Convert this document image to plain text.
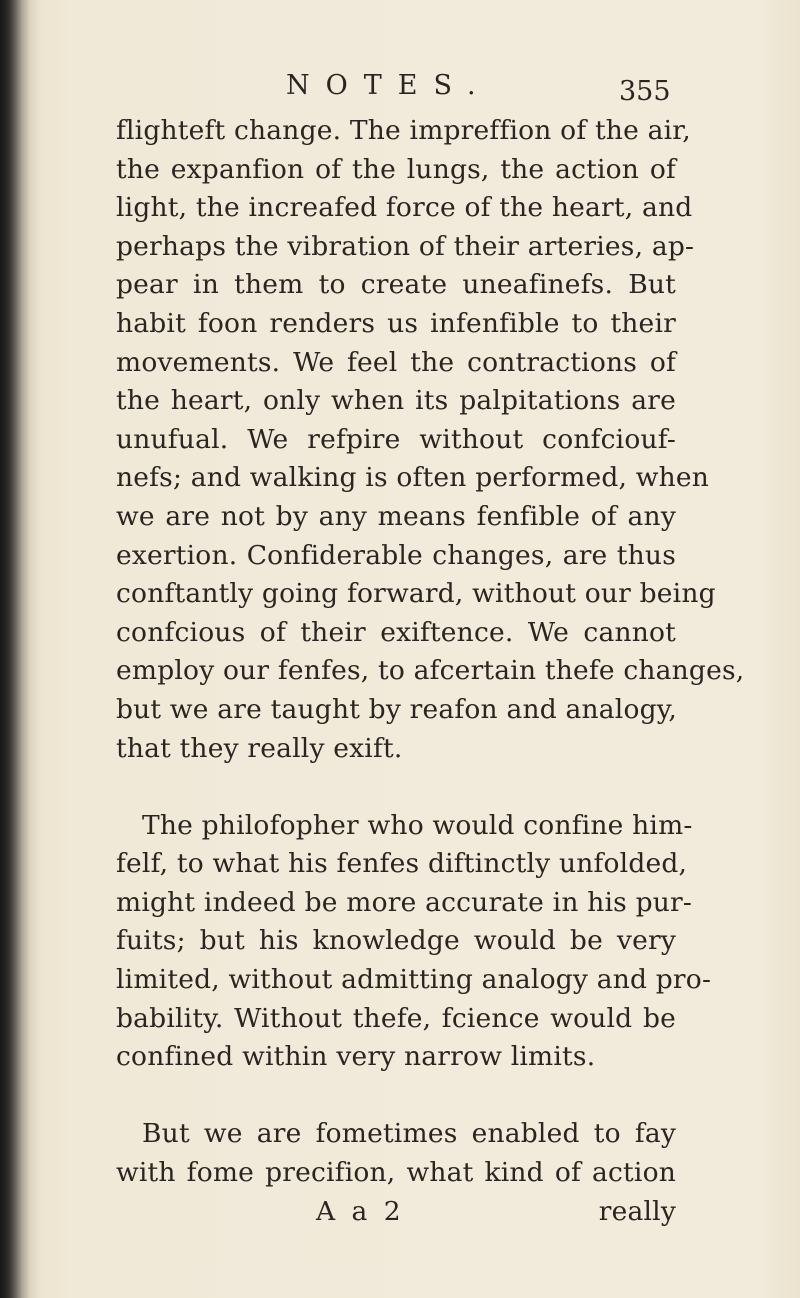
NOTES.	355
flighteft change. The impreffion of the air,
the expanfion of the lungs, the action of
light, the increafed force of the heart, and
perhaps the vibration of their arteries, ap-
pear in them to create uneafinefs. But
habit foon renders us infenfible to their
movements. We feel the contractions of
the heart, only when its palpitations are
unufual. We refpire without confciouf-
nefs; and walking is often performed, when
we are not by any means fenfible of any
exertion. Confiderable changes, are thus
conftantly going forward, without our being
confcious of their exiftence. We cannot
employ our fenfes, to afcertain thefe changes,
but we are taught by reafon and analogy,
that they really exift.
The philofopher who would confine him-
felf, to what his fenfes diftinctly unfolded,
might indeed be more accurate in his pur-
fuits; but his knowledge would be very
limited, without admitting analogy and pro-
bability. Without thefe, fcience would be
confined within very narrow limits.
But we are fometimes enabled to fay
with fome precifion, what kind of action
A a 2	really
